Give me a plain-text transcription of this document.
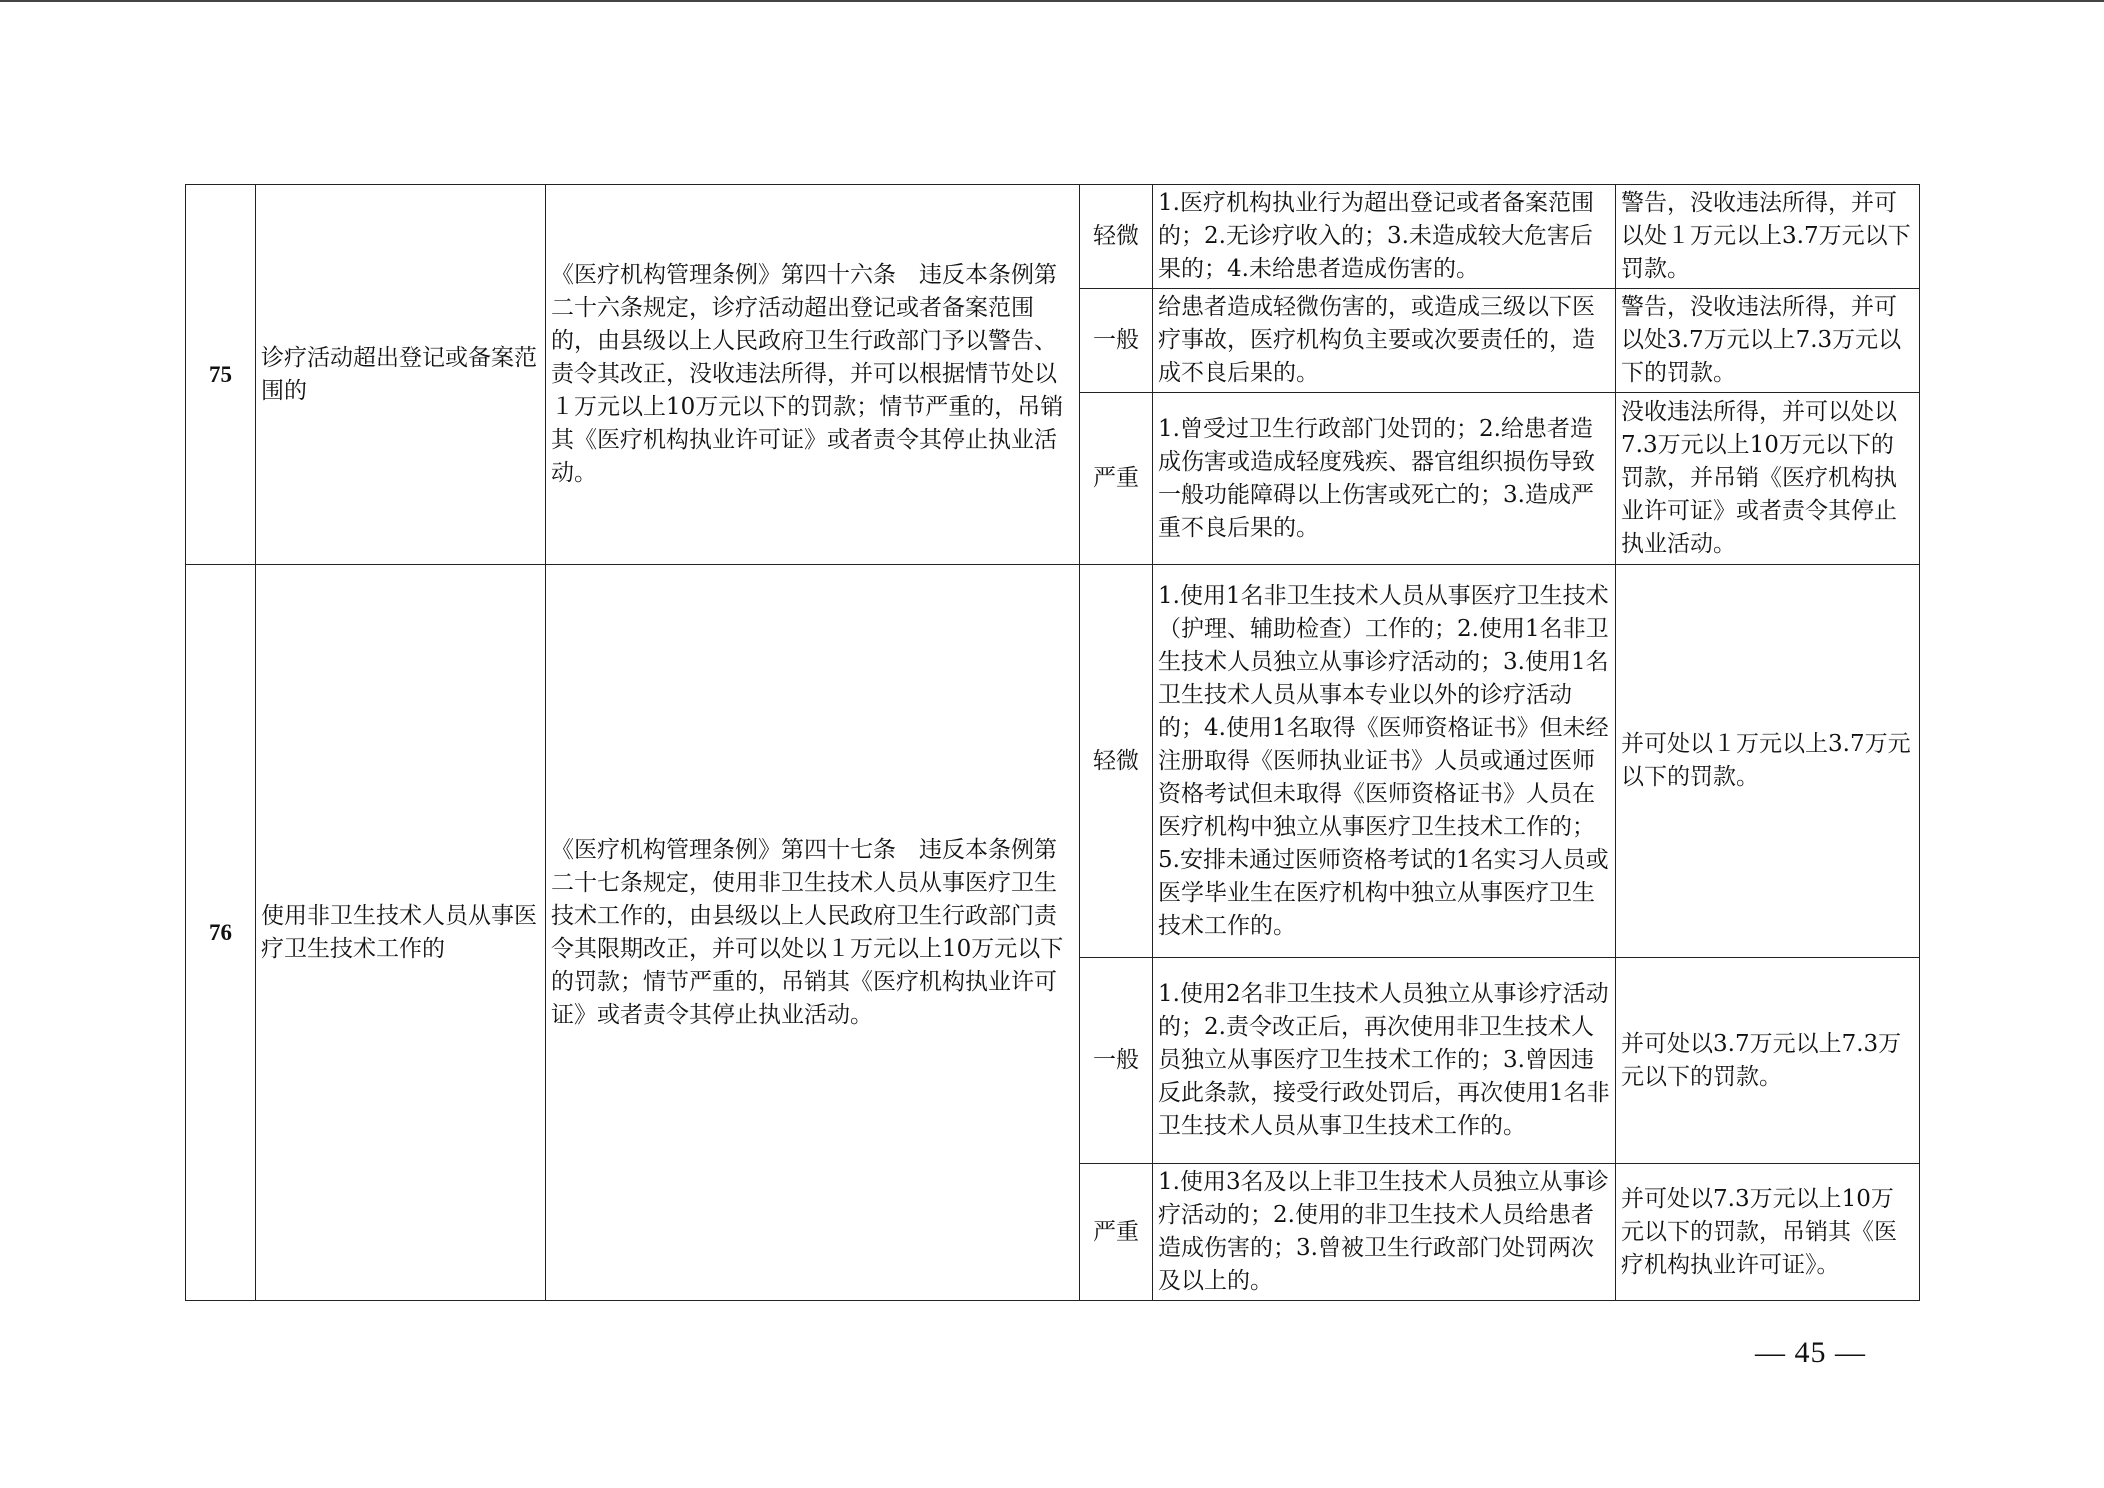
75	诊疗活动超出登记或备案范围的	《医疗机构管理条例》第四十六条　违反本条例第二十六条规定，诊疗活动超出登记或者备案范围的，由县级以上人民政府卫生行政部门予以警告、责令其改正，没收违法所得，并可以根据情节处以１万元以上10万元以下的罚款；情节严重的，吊销其《医疗机构执业许可证》或者责令其停止执业活动。	轻微	1.医疗机构执业行为超出登记或者备案范围的；2.无诊疗收入的；3.未造成较大危害后果的；4.未给患者造成伤害的。	警告，没收违法所得，并可以处１万元以上3.7万元以下罚款。
			一般	给患者造成轻微伤害的，或造成三级以下医疗事故，医疗机构负主要或次要责任的，造成不良后果的。	警告，没收违法所得，并可以处3.7万元以上7.3万元以下的罚款。
			严重	1.曾受过卫生行政部门处罚的；2.给患者造成伤害或造成轻度残疾、器官组织损伤导致一般功能障碍以上伤害或死亡的；3.造成严重不良后果的。	没收违法所得，并可以处以7.3万元以上10万元以下的罚款，并吊销《医疗机构执业许可证》或者责令其停止执业活动。
76	使用非卫生技术人员从事医疗卫生技术工作的	《医疗机构管理条例》第四十七条　违反本条例第二十七条规定，使用非卫生技术人员从事医疗卫生技术工作的，由县级以上人民政府卫生行政部门责令其限期改正，并可以处以１万元以上10万元以下的罚款；情节严重的，吊销其《医疗机构执业许可证》或者责令其停止执业活动。	轻微	1.使用1名非卫生技术人员从事医疗卫生技术（护理、辅助检查）工作的；2.使用1名非卫生技术人员独立从事诊疗活动的；3.使用1名卫生技术人员从事本专业以外的诊疗活动的；4.使用1名取得《医师资格证书》但未经注册取得《医师执业证书》人员或通过医师资格考试但未取得《医师资格证书》人员在医疗机构中独立从事医疗卫生技术工作的；5.安排未通过医师资格考试的1名实习人员或医学毕业生在医疗机构中独立从事医疗卫生技术工作的。	并可处以１万元以上3.7万元以下的罚款。
			一般	1.使用2名非卫生技术人员独立从事诊疗活动的；2.责令改正后，再次使用非卫生技术人员独立从事医疗卫生技术工作的；3.曾因违反此条款，接受行政处罚后，再次使用1名非卫生技术人员从事卫生技术工作的。	并可处以3.7万元以上7.3万元以下的罚款。
			严重	1.使用3名及以上非卫生技术人员独立从事诊疗活动的；2.使用的非卫生技术人员给患者造成伤害的；3.曾被卫生行政部门处罚两次及以上的。	并可处以7.3万元以上10万元以下的罚款，吊销其《医疗机构执业许可证》。
— 45 —
